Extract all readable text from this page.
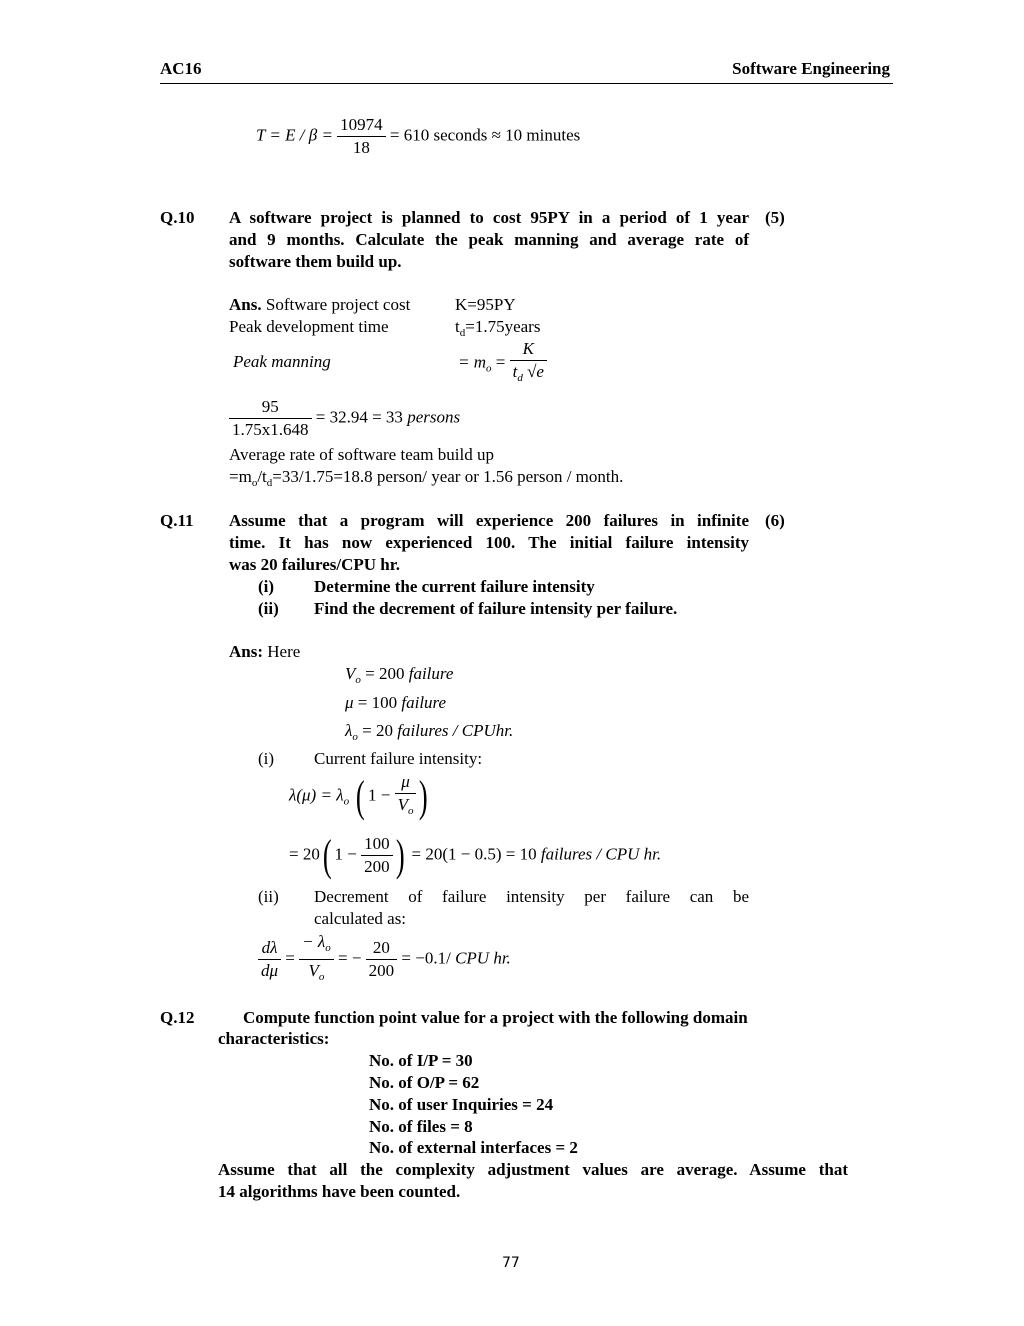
AC16	Software Engineering
$T = E / \beta = \frac{10974}{18} = 610$ seconds ≈ 10 minutes
Q.10	(5)
A software project is planned to cost 95PY in a period of 1 year
and 9 months. Calculate the peak manning and average rate of
software them build up.
Ans. Software project cost	K=95PY
Peak development time	$t_d=1.75years$
Peak manning	= $m_o = \frac{K}{t_d √e}$
$\frac{95}{1.75x1.648} = 32.94 = 33$ persons
Average rate of software team build up
$=m_o/t_d=33/1.75=18.8$ person/ year or 1.56 person / month.
Q.11	(6)
Assume that a program will experience 200 failures in infinite
time. It has now experienced 100. The initial failure intensity
was 20 failures/CPU hr.
(i) Determine the current failure intensity
(ii) Find the decrement of failure intensity per failure.
Ans: Here
$V_o = 200$ failure
μ = 100 failure
$\lambda_o = 20$ failures / CPUhr.
(i) Current failure intensity:
$\lambda(\mu) = \lambda_o$ ( $1 - \frac{\mu}{V_o}$ )
= 20( $1 - \frac{100}{200}$ ) = 20(1 − 0.5) = 10 failures / CPU hr.
(ii) Decrement of failure intensity per failure can be
calculated as:
$\frac{d\lambda}{d\mu} = \frac{- \lambda_o}{V_o}$ = − $\frac{20}{200} = -0.1/$ CPU hr.
Q.12	Compute function point value for a project with the following domain
characteristics:
No. of I/P = 30
No. of O/P = 62
No. of user Inquiries = 24
No. of files = 8
No. of external interfaces = 2
Assume that all the complexity adjustment values are average. Assume that
14 algorithms have been counted.
77
